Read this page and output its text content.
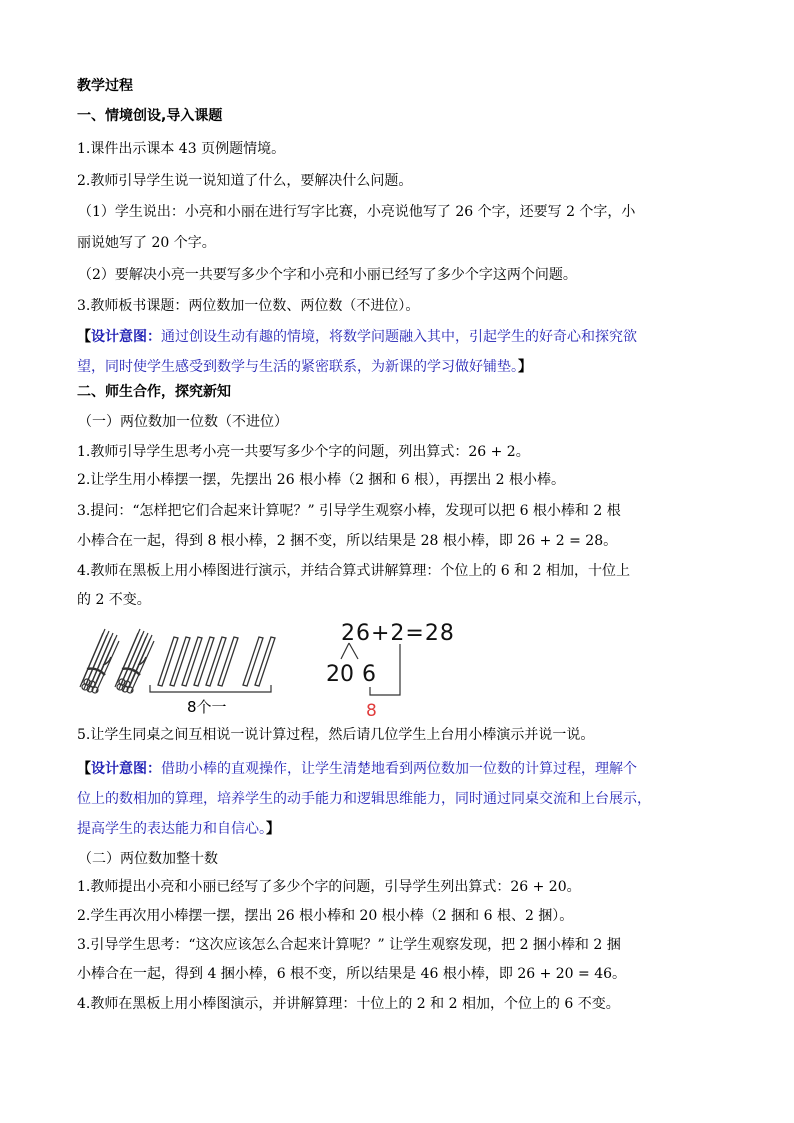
教学过程
一、情境创设,导入课题
1.课件出示课本 43 页例题情境。
2.教师引导学生说一说知道了什么，要解决什么问题。
（1）学生说出：小亮和小丽在进行写字比赛，小亮说他写了 26 个字，还要写 2 个字，小
丽说她写了 20 个字。
（2）要解决小亮一共要写多少个字和小亮和小丽已经写了多少个字这两个问题。
3.教师板书课题：两位数加一位数、两位数（不进位）。
【设计意图：通过创设生动有趣的情境，将数学问题融入其中，引起学生的好奇心和探究欲
望，同时使学生感受到数学与生活的紧密联系，为新课的学习做好铺垫。】
二、师生合作，探究新知
（一）两位数加一位数（不进位）
1.教师引导学生思考小亮一共要写多少个字的问题，列出算式：26 + 2。
2.让学生用小棒摆一摆，先摆出 26 根小棒（2 捆和 6 根），再摆出 2 根小棒。
3.提问：“怎样把它们合起来计算呢？” 引导学生观察小棒，发现可以把 6 根小棒和 2 根
小棒合在一起，得到 8 根小棒，2 捆不变，所以结果是 28 根小棒，即 26 + 2 = 28。
4.教师在黑板上用小棒图进行演示，并结合算式讲解算理：个位上的 6 和 2 相加，十位上
的 2 不变。
8个一
26+2=28
20 6
8
5.让学生同桌之间互相说一说计算过程，然后请几位学生上台用小棒演示并说一说。
【设计意图：借助小棒的直观操作，让学生清楚地看到两位数加一位数的计算过程，理解个
位上的数相加的算理，培养学生的动手能力和逻辑思维能力，同时通过同桌交流和上台展示，
提高学生的表达能力和自信心。】
（二）两位数加整十数
1.教师提出小亮和小丽已经写了多少个字的问题，引导学生列出算式：26 + 20。
2.学生再次用小棒摆一摆，摆出 26 根小棒和 20 根小棒（2 捆和 6 根、2 捆）。
3.引导学生思考：“这次应该怎么合起来计算呢？” 让学生观察发现，把 2 捆小棒和 2 捆
小棒合在一起，得到 4 捆小棒，6 根不变，所以结果是 46 根小棒，即 26 + 20 = 46。
4.教师在黑板上用小棒图演示，并讲解算理：十位上的 2 和 2 相加，个位上的 6 不变。
